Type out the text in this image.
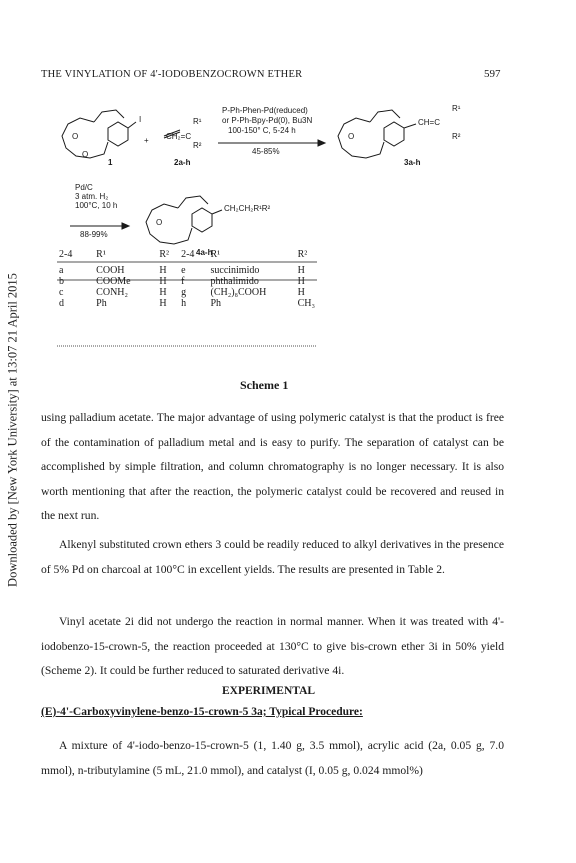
Downloaded by [New York University] at 13:07 21 April 2015
THE VINYLATION OF 4'-IODOBENZOCROWN ETHER	597
I
O
O
1
+ CH₂=C
R¹
R²
2a-h
P-Ph-Phen-Pd(reduced)
or P-Ph-Bpy-Pd(0), Bu3N
100-150° C, 5-24 h
45-85%
O
CH=C
R¹
R²
3a-h
Pd/C
3 atm. H₂
100°C, 10 h
88-99%
CH₂CH₂R¹R²
O
4a-h
2-4	R¹	R²	2-4	R¹	R²
a	COOH	H	e	succinimido	H
b	COOMe	H	f	phthalimido	H
c	CONH₂	H	g	(CH₂)₈COOH	H
d	Ph	H	h	Ph	CH₃
Scheme 1

using palladium acetate. The major advantage of using polymeric catalyst is that the product is free of the contamination of palladium metal and is easy to purify. The separation of catalyst can be accomplished by simple filtration, and column chromatography is no longer necessary. It is also worth mentioning that after the reaction, the polymeric catalyst could be recovered and reused in the next run.

Alkenyl substituted crown ethers 3 could be readily reduced to alkyl derivatives in the presence of 5% Pd on charcoal at 100°C in excellent yields. The results are presented in Table 2.

Vinyl acetate 2i did not undergo the reaction in normal manner. When it was treated with 4'-iodobenzo-15-crown-5, the reaction proceeded at 130°C to give bis-crown ether 3i in 50% yield (Scheme 2). It could be further reduced to saturated derivative 4i.

EXPERIMENTAL
(E)-4'-Carboxyvinylene-benzo-15-crown-5 3a; Typical Procedure:

A mixture of 4'-iodo-benzo-15-crown-5 (1, 1.40 g, 3.5 mmol), acrylic acid (2a, 0.05 g, 7.0 mmol), n-tributylamine (5 mL, 21.0 mmol), and catalyst (I, 0.05 g, 0.024 mmol%)
